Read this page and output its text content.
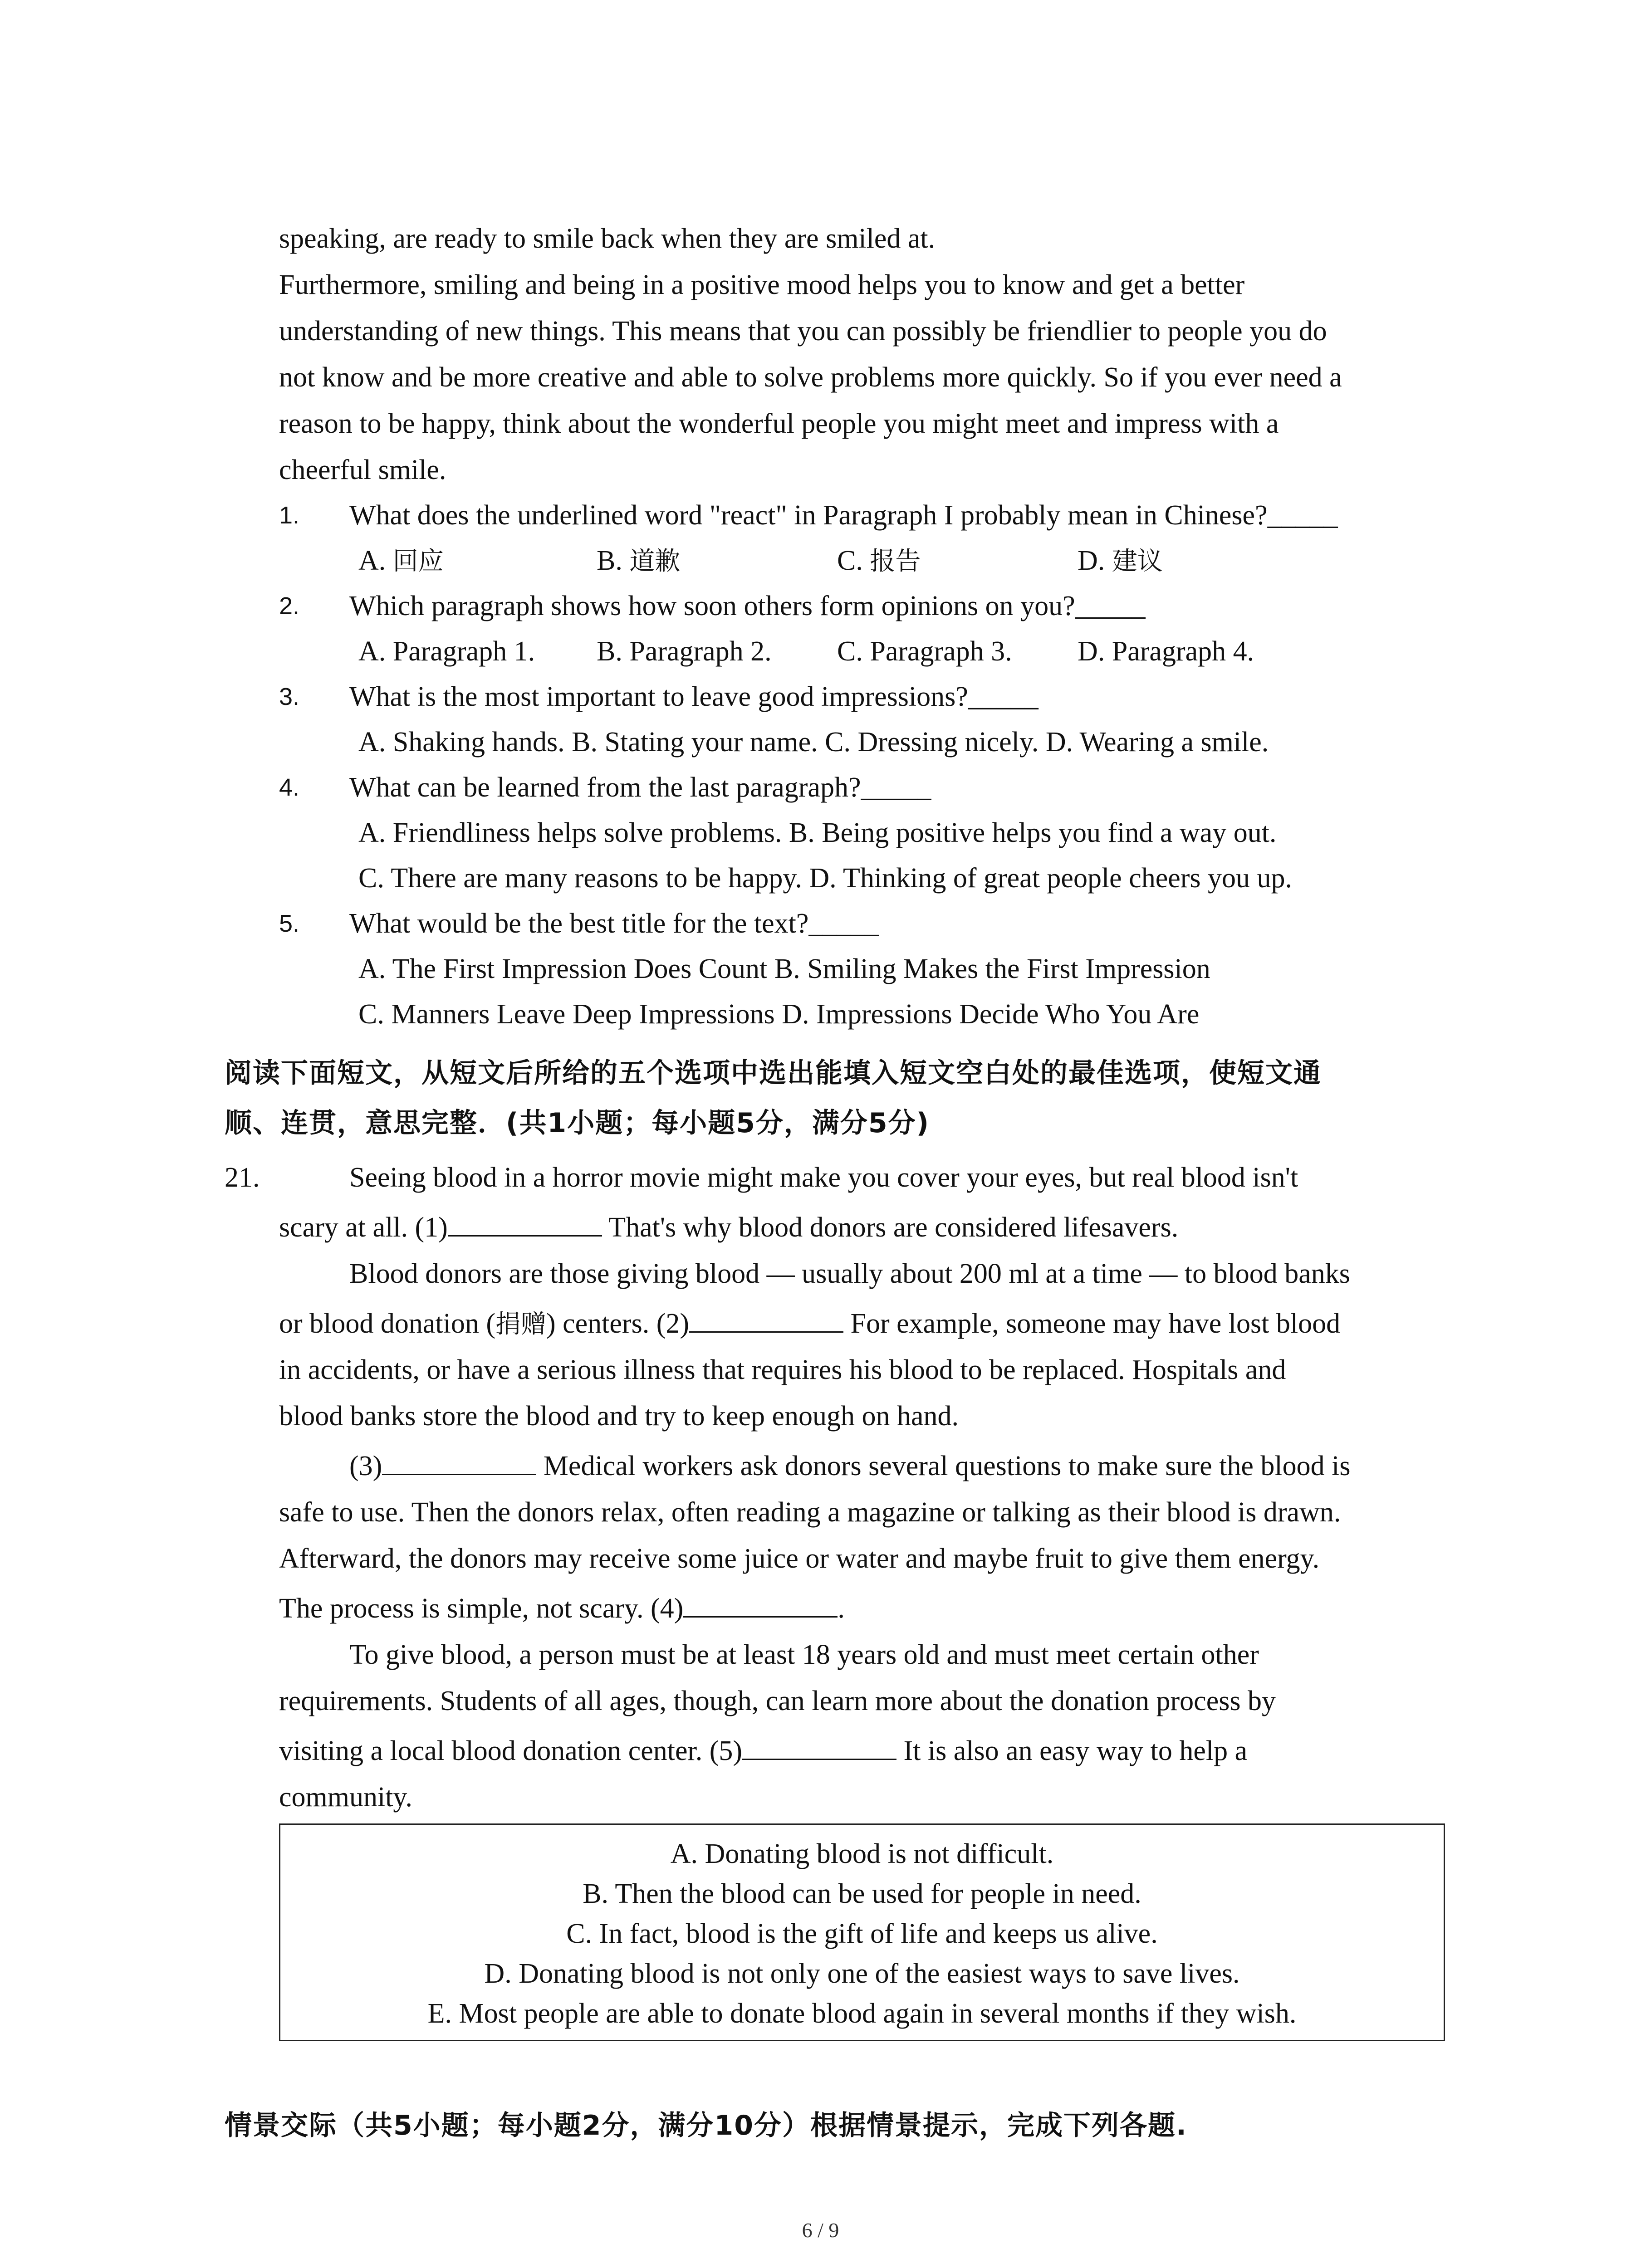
speaking, are ready to smile back when they are smiled at.
Furthermore, smiling and being in a positive mood helps you to know and get a better
understanding of new things. This means that you can possibly be friendlier to people you do
not know and be more creative and able to solve problems more quickly. So if you ever need a
reason to be happy, think about the wonderful people you might meet and impress with a
cheerful smile.
1. What does the underlined word "react" in Paragraph I probably mean in Chinese?_____
A. 回应	B. 道歉	C. 报告	D. 建议
2. Which paragraph shows how soon others form opinions on you?_____
A. Paragraph 1. B. Paragraph 2. C. Paragraph 3. D. Paragraph 4.
3. What is the most important to leave good impressions?_____
A. Shaking hands. B. Stating your name. C. Dressing nicely. D. Wearing a smile.
4. What can be learned from the last paragraph?_____
A. Friendliness helps solve problems. B. Being positive helps you find a way out.
C. There are many reasons to be happy. D. Thinking of great people cheers you up.
5. What would be the best title for the text?_____
A. The First Impression Does Count B. Smiling Makes the First Impression
C. Manners Leave Deep Impressions D. Impressions Decide Who You Are
阅读下面短文，从短文后所给的五个选项中选出能填入短文空白处的最佳选项，使短文通
顺、连贯，意思完整．(共1小题；每小题5分，满分5分)
21.	Seeing blood in a horror movie might make you cover your eyes, but real blood isn't
scary at all. (1)	That's why blood donors are considered lifesavers.
Blood donors are those giving blood — usually about 200 ml at a time — to blood banks
or blood donation (捐赠) centers. (2)	For example, someone may have lost blood
in accidents, or have a serious illness that requires his blood to be replaced. Hospitals and
blood banks store the blood and try to keep enough on hand.
(3)	Medical workers ask donors several questions to make sure the blood is
safe to use. Then the donors relax, often reading a magazine or talking as their blood is drawn.
Afterward, the donors may receive some juice or water and maybe fruit to give them energy.
The process is simple, not scary. (4)	.
To give blood, a person must be at least 18 years old and must meet certain other
requirements. Students of all ages, though, can learn more about the donation process by
visiting a local blood donation center. (5)	It is also an easy way to help a
community.
A. Donating blood is not difficult.
B. Then the blood can be used for people in need.
C. In fact, blood is the gift of life and keeps us alive.
D. Donating blood is not only one of the easiest ways to save lives.
E. Most people are able to donate blood again in several months if they wish.
情景交际（共5小题；每小题2分，满分10分）根据情景提示，完成下列各题.
6 / 9
